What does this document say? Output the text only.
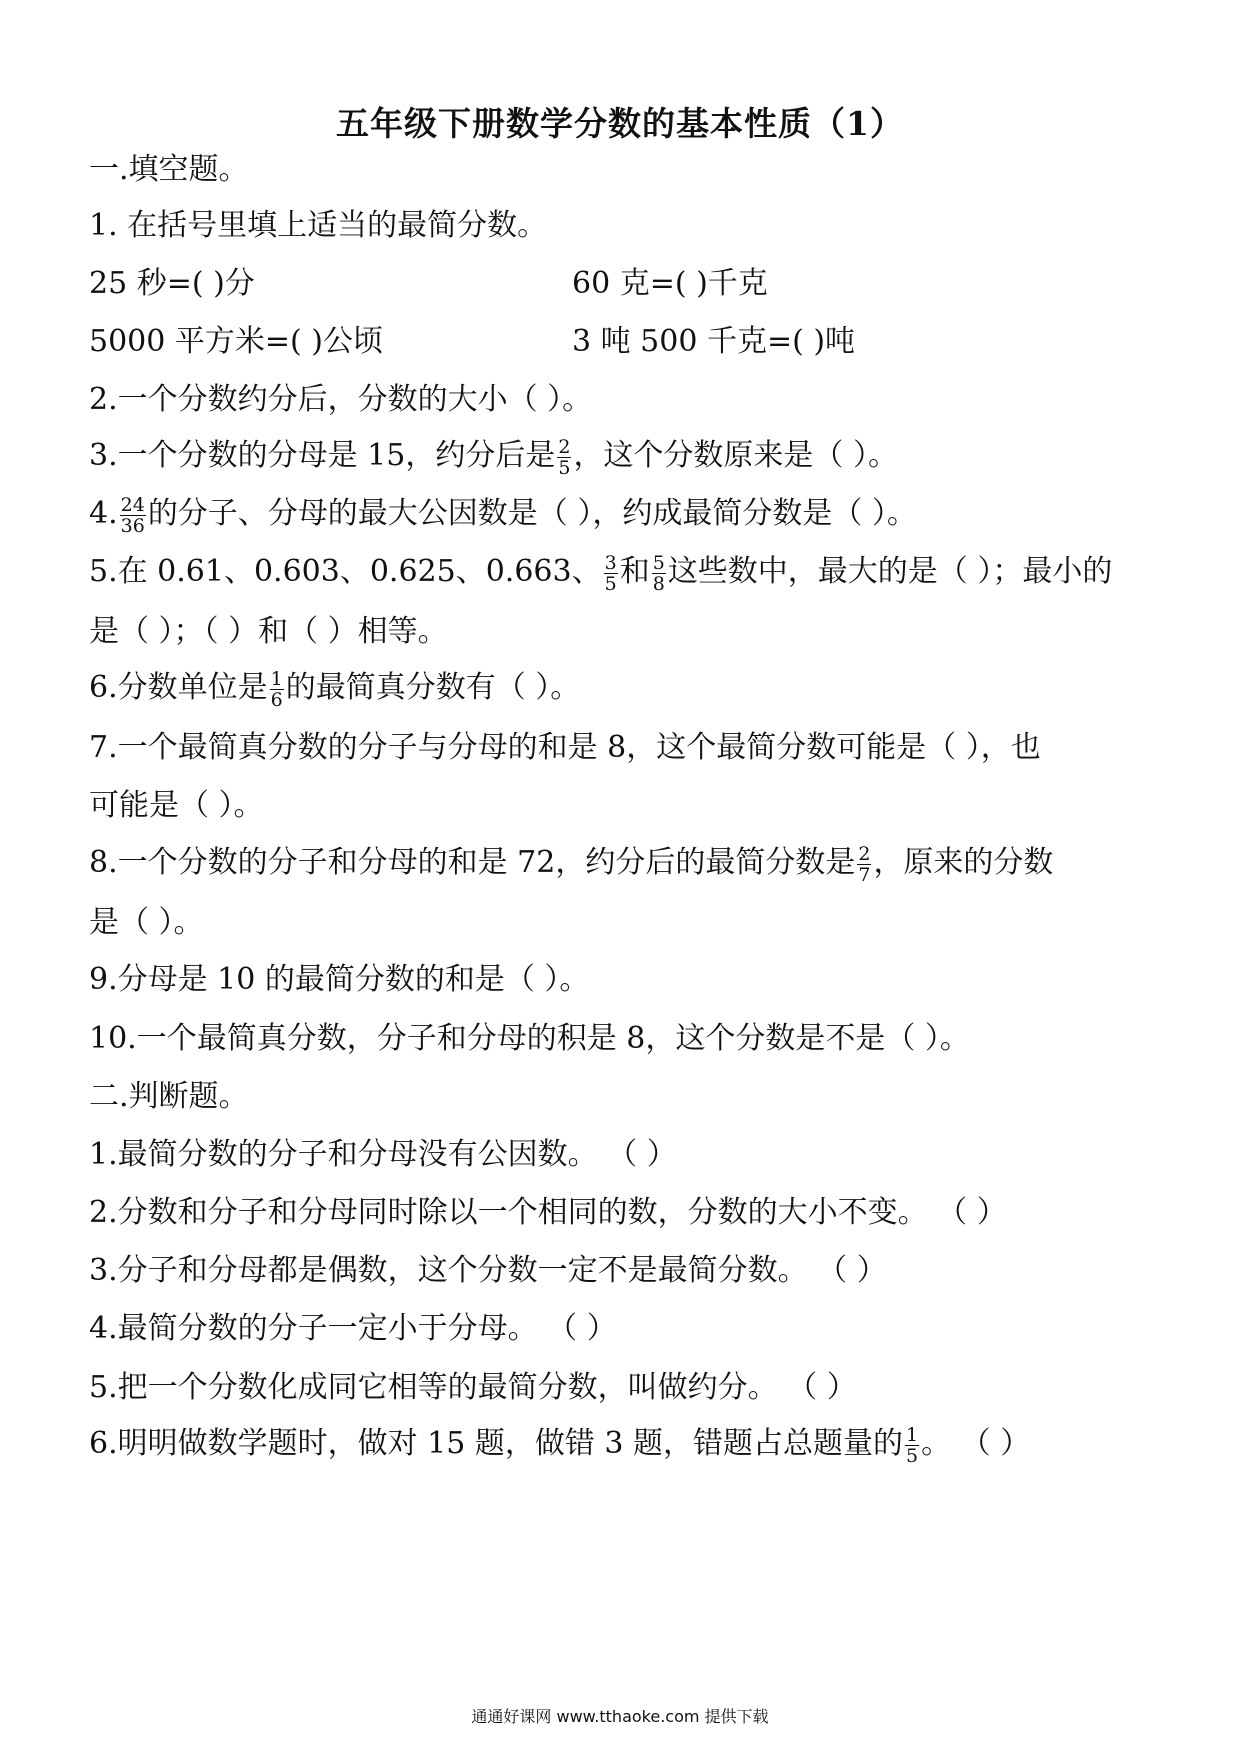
五年级下册数学分数的基本性质（1）
一.填空题。
1. 在括号里填上适当的最简分数。
25 秒=( )分	60 克=( )千克
5000 平方米=( )公顷	3 吨 500 千克=( )吨
2.一个分数约分后，分数的大小（ ）。
3.一个分数的分母是 15，约分后是 $\frac{2}{5}$ ，这个分数原来是（ ）。
4. $\frac{24}{36}$ 的分子、分母的最大公因数是（ ），约成最简分数是（ ）。
5.在 0.61、0.603、0.625、0.663、 $\frac{3}{5}$ 和 $\frac{5}{8}$ 这些数中，最大的是（ ）；最小的
是（ ）；（ ）和（ ）相等。
6.分数单位是 $\frac{1}{6}$ 的最简真分数有（ ）。
7.一个最简真分数的分子与分母的和是 8，这个最简分数可能是（ ），也
可能是（ ）。
8.一个分数的分子和分母的和是 72，约分后的最简分数是 $\frac{2}{7}$ ，原来的分数
是（ ）。
9.分母是 10 的最简分数的和是（ ）。
10.一个最简真分数，分子和分母的积是 8，这个分数是不是（ ）。
二.判断题。
1.最简分数的分子和分母没有公因数。 （ ）
2.分数和分子和分母同时除以一个相同的数，分数的大小不变。 （ ）
3.分子和分母都是偶数，这个分数一定不是最简分数。 （ ）
4.最简分数的分子一定小于分母。 （ ）
5.把一个分数化成同它相等的最简分数，叫做约分。 （ ）
6.明明做数学题时，做对 15 题，做错 3 题，错题占总题量的 $\frac{1}{5}$ 。 （ ）
通通好课网 www.tthaoke.com 提供下载
